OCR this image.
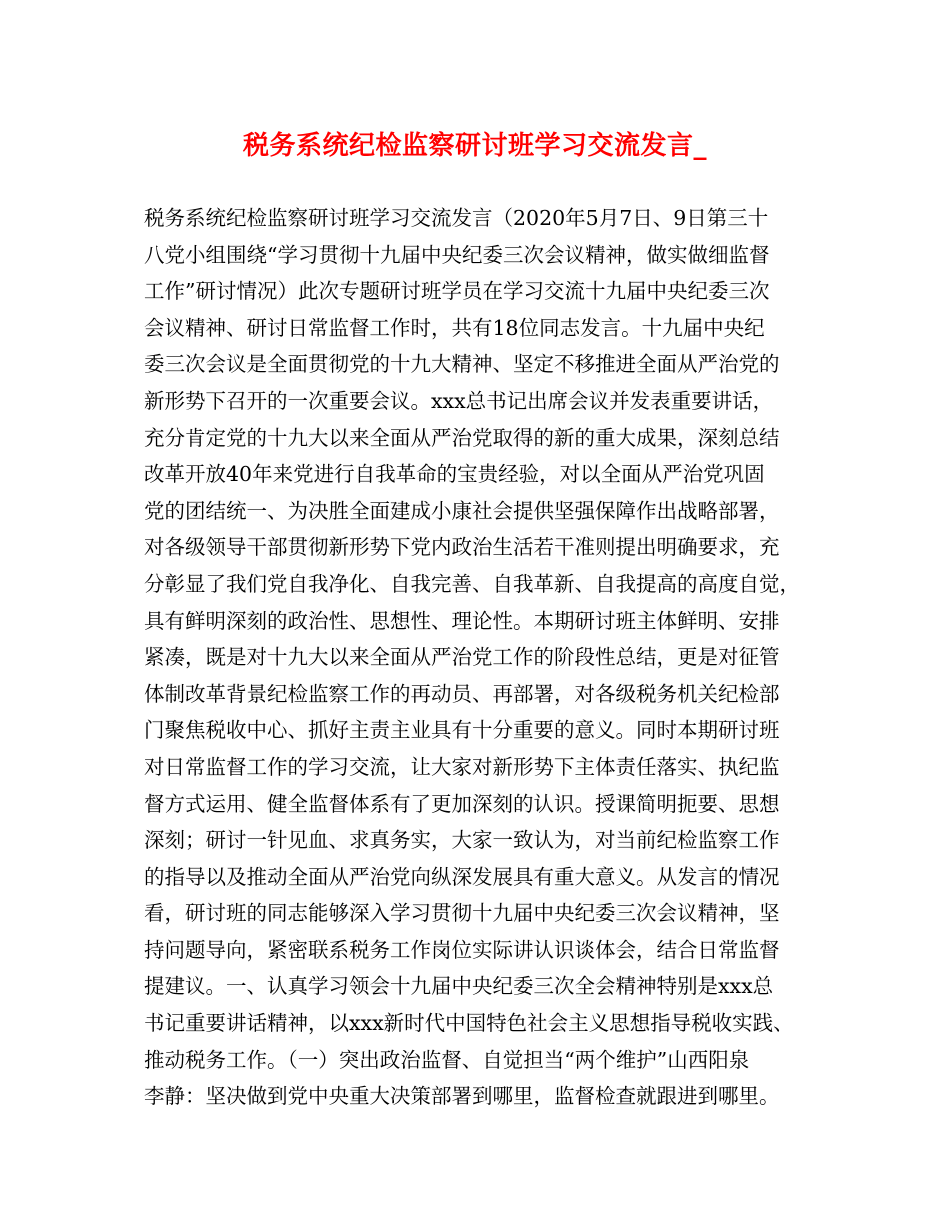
税务系统纪检监察研讨班学习交流发言_
税务系统纪检监察研讨班学习交流发言（2020年5月7日、9日第三十
八党小组围绕“学习贯彻十九届中央纪委三次会议精神，做实做细监督
工作”研讨情况）此次专题研讨班学员在学习交流十九届中央纪委三次
会议精神、研讨日常监督工作时，共有18位同志发言。十九届中央纪
委三次会议是全面贯彻党的十九大精神、坚定不移推进全面从严治党的
新形势下召开的一次重要会议。xxx总书记出席会议并发表重要讲话，
充分肯定党的十九大以来全面从严治党取得的新的重大成果，深刻总结
改革开放40年来党进行自我革命的宝贵经验，对以全面从严治党巩固
党的团结统一、为决胜全面建成小康社会提供坚强保障作出战略部署，
对各级领导干部贯彻新形势下党内政治生活若干准则提出明确要求，充
分彰显了我们党自我净化、自我完善、自我革新、自我提高的高度自觉，
具有鲜明深刻的政治性、思想性、理论性。本期研讨班主体鲜明、安排
紧凑，既是对十九大以来全面从严治党工作的阶段性总结，更是对征管
体制改革背景纪检监察工作的再动员、再部署，对各级税务机关纪检部
门聚焦税收中心、抓好主责主业具有十分重要的意义。同时本期研讨班
对日常监督工作的学习交流，让大家对新形势下主体责任落实、执纪监
督方式运用、健全监督体系有了更加深刻的认识。授课简明扼要、思想
深刻；研讨一针见血、求真务实，大家一致认为，对当前纪检监察工作
的指导以及推动全面从严治党向纵深发展具有重大意义。从发言的情况
看，研讨班的同志能够深入学习贯彻十九届中央纪委三次会议精神，坚
持问题导向，紧密联系税务工作岗位实际讲认识谈体会，结合日常监督
提建议。一、认真学习领会十九届中央纪委三次全会精神特别是xxx总
书记重要讲话精神，以xxx新时代中国特色社会主义思想指导税收实践、
推动税务工作。（一）突出政治监督、自觉担当“两个维护”山西阳泉
李静：坚决做到党中央重大决策部署到哪里，监督检查就跟进到哪里。
